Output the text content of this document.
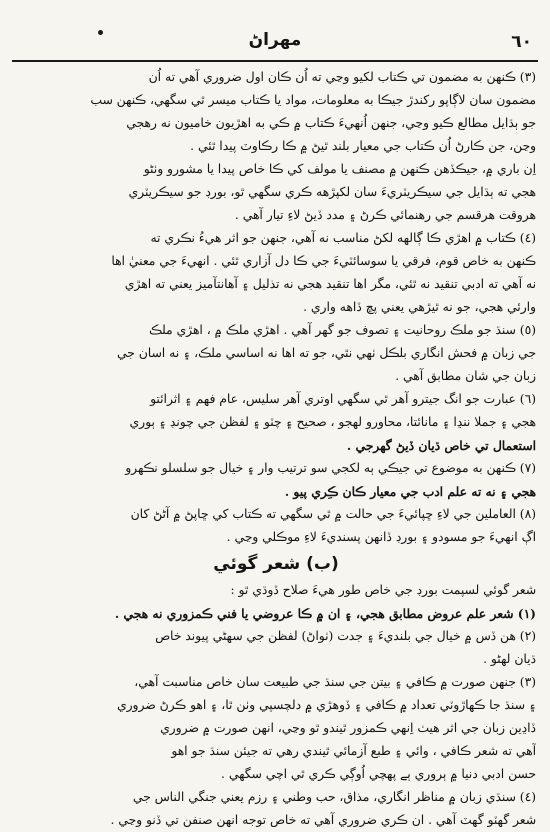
٦٠
مهراڻ
(٣) ڪنهن به مضمون تي ڪتاب لکيو وڃي ته اُن ڪان اول ضروري آهي ته اُن
مضمون سان لاڳاپو رکندڙ جيڪا به معلومات، مواد يا ڪتاب ميسر ٿي سگهي، ڪنهن سب
جو ٻڌايل مطالع ڪيو وڃي، جنهن اُنهيءَ ڪتاب ۾ ڪي به اهڙيون خاميون نه رهجي
وڃن، جن ڪارڻ اُن ڪتاب جي معيار بلند ٿيڻ ۾ ڪا رڪاوٽ پيدا ٿئي .
اِن باري ۾، جيڪڏهن ڪنهن ۾ مصنف يا مولف کي ڪا خاص پيدا يا مشورو وٺڻو
هجي ته ٻڌايل جي سيڪريٽريءَ سان لکپڙهه ڪري سگهي ٿو، بورڊ جو سيڪريٽري
هروقت هرقسم جي رهنمائي ڪرڻ ۽ مدد ڏيڻ لاءِ تيار آهي .
(٤) ڪتاب ۾ اهڙي ڪا ڳالهه لکڻ مناسب نه آهي، جنهن جو اثر هيءُ نڪري ته
ڪنهن به خاص قوم، فرقي يا سوسائٽيءَ جي ڪا دل آزاري ٿئي . انهيءَ جي معنيٰ اها
نه آهي ته ادبي تنقيد نه ٿئي، مگر اها تنقيد هجي نه تذليل ۽ آهانتآميز يعني ته اهڙي
وارئي هجي، جو نه ٿيڙهي يعني پڇ ڏاهه واري .
(٥) سنڌ جو ملڪ روحانيت ۽ تصوف جو گهر آهي . اهڙي ملڪ ۾ ، اهڙي ملڪ
جي زبان ۾ فحش انگاري بلڪل ٺهي نٿي، جو ته اها نه اساسي ملڪ، ۽ نه اسان جي
زبان جي شان مطابق آهي .
(٦) عبارت جو انگ جيترو آهر ٿي سگهي اوتري آهر سليس، عام فهم ۽ اثرائتو
هجي ۽ جملا ننڍا ۽ مانائتا، محاورو لهجو ، صحيح ۽ چٽو ۽ لفظن جي چونڊ ۽ ٻوري
استعمال تي خاص ڌيان ڏيڻ گهرجي .
(٧) ڪنهن به موضوع تي جيڪي ٻه لکجي سو ترتيب وار ۽ خيال جو سلسلو نڪهرو
هجي ۽ نه ته علم ادب جي معيار ڪان ڪِري پيو .
(٨) العاملين جي لاءِ ڇپائيءَ جي حالت ۾ ٿي سگهي ته ڪتاب کي ڇاپڻ ۾ آڻڻ کان
اڳ انهيءَ جو مسودو ۽ بورڊ ڏانهن پسنديءَ لاءِ موڪلي وڃي .
(ب) شعر گوئي
شعر گوئي لسپمت بورڊ جي خاص طور هيءَ صلاح ڏوڌي ٿو :
(١) شعر علم عروض مطابق هجي، ۽ ان ۾ ڪا عروضي يا فني ڪمزوري نه هجي .
(٢) هن ڏس ۾ خيال جي بلنديءَ ۽ جدت (ٺواڻ) لفظن جي سهڻي پيوند خاص
ڌيان لهڻو .
(٣) جنهن صورت ۾ ڪافي ۽ بيتن جي سنڌ جي طبيعت سان خاص مناسبت آهي،
۽ سنڌ جا ڪهاڙوٽي تعداد ۾ ڪافي ۽ ڏوهڙي ۾ دلچسپي وٺن ٿا، ۽ اهو ڪرڻ ضروري
ڏاڍين زبان جي اثر هيٺ اِنهي ڪمزور ٿيندو ٿو وڃي، انهن صورت ۾ ضروري
آهي ته شعر ڪافي ، وائي ۽ طبع آزمائي ٿيندي رهي ته جيئن سنڌ جو اهو
حسن ادبي دنيا ۾ ٻروري ٻے پهچي اُوڳي ڪري ٿي اچي سگهي .
(٤) سنڌي زبان ۾ مناظر انگاري، مذاق، حب وطني ۽ رزم يعني جنگي الناس جي
شعر گهٽو گهٽ آهي . ان ڪري ضروري آهي ته خاص توجه انهن صنفن تي ڏنو وڃي .
